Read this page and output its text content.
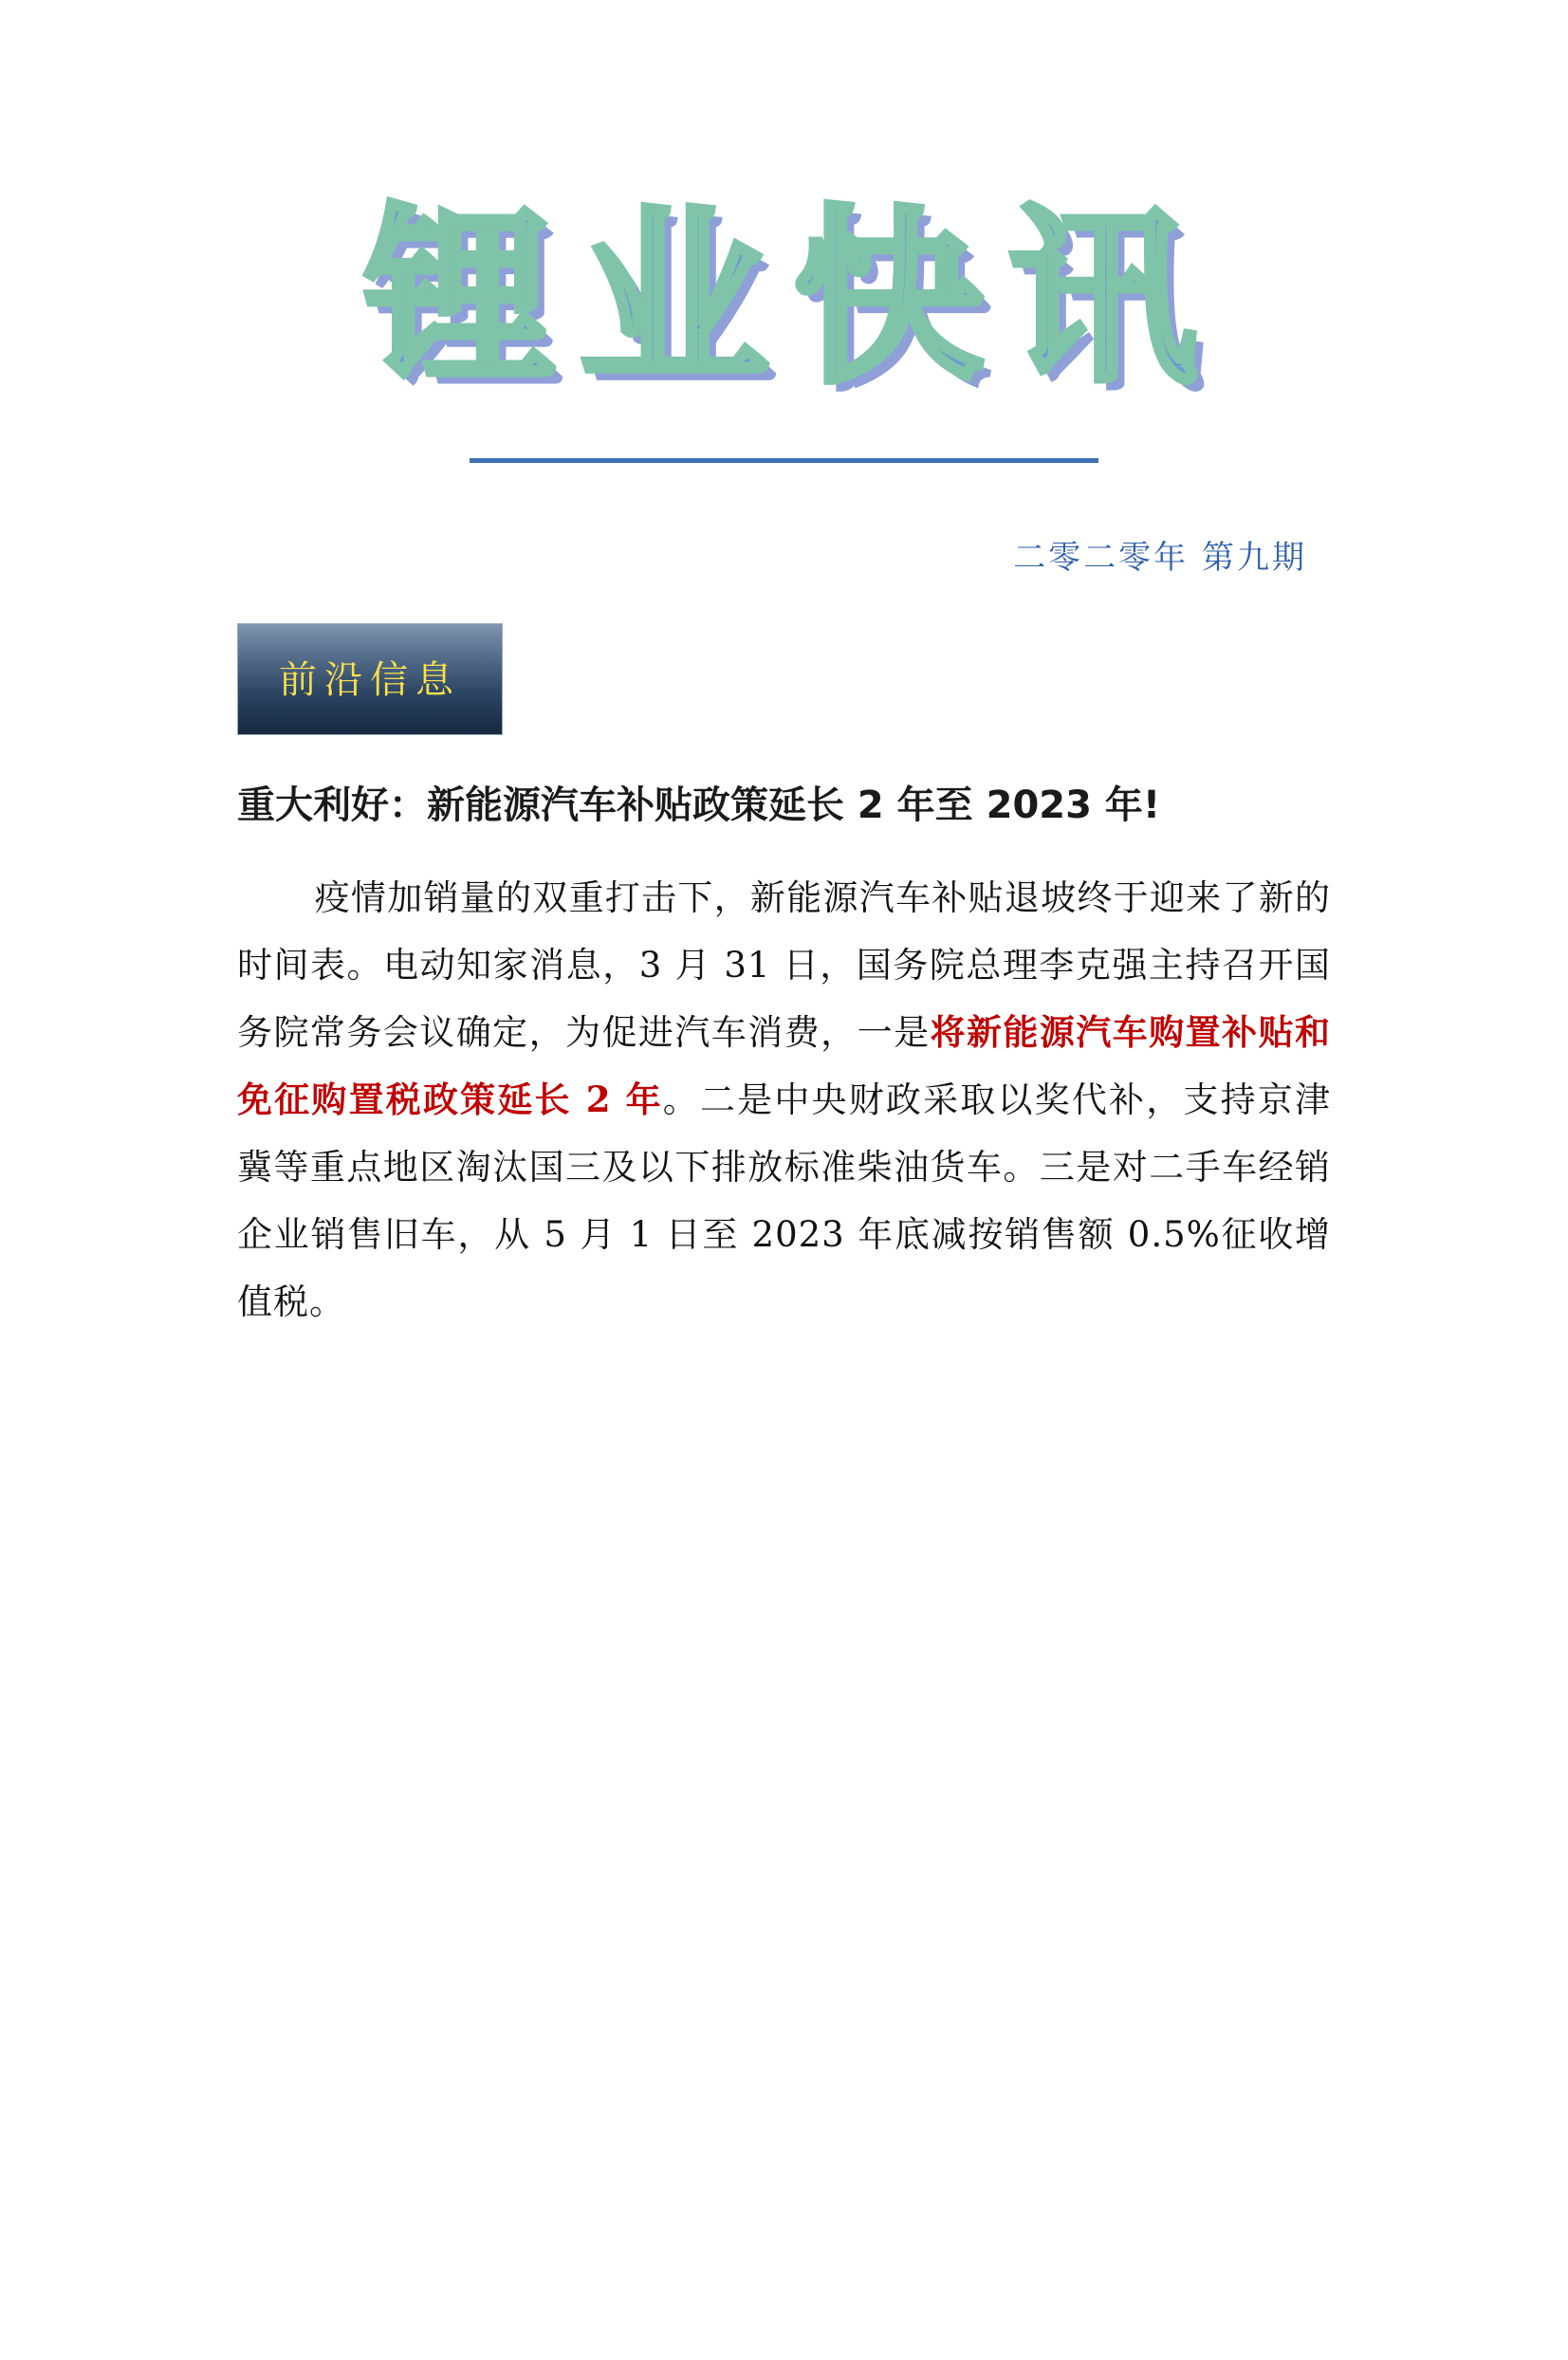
锂业快讯
二零二零年 第九期
前沿信息
重大利好：新能源汽车补贴政策延长 2 年至 2023 年!
疫情加销量的双重打击下，新能源汽车补贴退坡终于迎来了新的时间表。电动知家消息，3 月 31 日，国务院总理李克强主持召开国务院常务会议确定，为促进汽车消费，一是将新能源汽车购置补贴和免征购置税政策延长 2 年。二是中央财政采取以奖代补，支持京津冀等重点地区淘汰国三及以下排放标准柴油货车。三是对二手车经销企业销售旧车，从 5 月 1 日至 2023 年底减按销售额 0.5%征收增值税。
